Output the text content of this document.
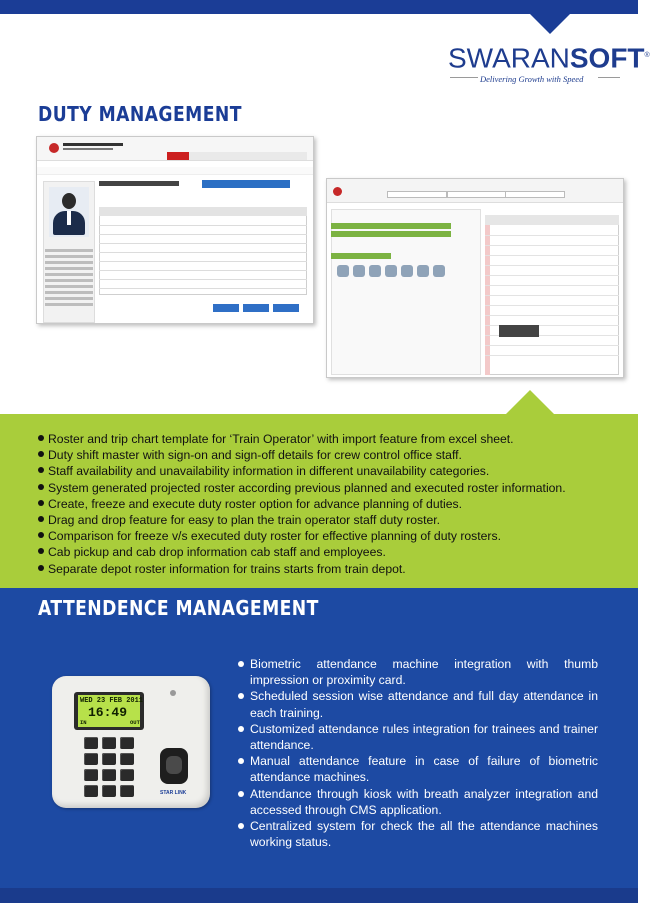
SWARANSOFT®
Delivering Growth with Speed
DUTY MANAGEMENT
Roster and trip chart template for ‘Train Operator’ with import feature from excel sheet.
Duty shift master with sign-on and sign-off details for crew control office staff.
Staff availability and unavailability information in different unavailability categories.
System generated projected roster according previous planned and executed roster information.
Create, freeze and execute duty roster option for advance planning of duties.
Drag and drop feature for easy to plan the train operator staff duty roster.
Comparison for freeze v/s executed duty roster for effective planning of duty rosters.
Cab pickup and cab drop information cab staff and employees.
Separate depot roster information for trains starts from train depot.
ATTENDENCE MANAGEMENT
WED 23 FEB 2011
16:49
IN	OUT
STAR LINK
Biometric attendance machine integration with thumb impression or proximity card.
Scheduled session wise attendance and full day attendance in each training.
Customized attendance rules integration for trainees and trainer attendance.
Manual attendance feature in case of failure of biometric attendance machines.
Attendance through kiosk with breath analyzer integration and accessed through CMS application.
Centralized system for check the all the attendance machines working status.
